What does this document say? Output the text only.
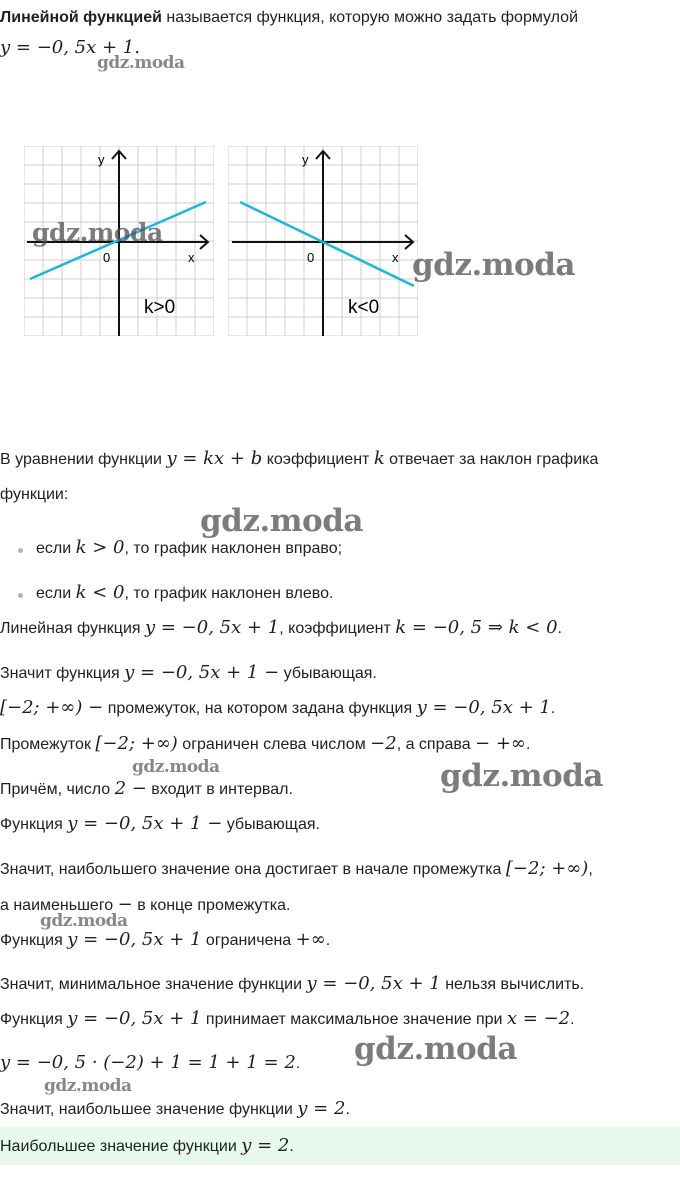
Линейной функцией называется функция, которую можно задать формулой
y = −0, 5x + 1.
gdz.moda
y
x
0
k>0
y
x
0
k<0
gdz.moda
gdz.moda
В уравнении функции y = kx + b коэффициент k отвечает за наклон графика
функции:
gdz.moda
если k > 0, то график наклонен вправо;
если k < 0, то график наклонен влево.
Линейная функция y = −0, 5x + 1, коэффициент k = −0, 5 ⇒ k < 0.
Значит функция y = −0, 5x + 1 − убывающая.
[−2; +∞) − промежуток, на котором задана функция y = −0, 5x + 1.
Промежуток [−2; +∞) ограничен слева числом −2, а справа − +∞.
gdz.moda	gdz.moda
Причём, число 2 − входит в интервал.
Функция y = −0, 5x + 1 − убывающая.
Значит, наибольшего значение она достигает в начале промежутка [−2; +∞),
а наименьшего − в конце промежутка.
gdz.moda
Функция y = −0, 5x + 1 ограничена +∞.
Значит, минимальное значение функции y = −0, 5x + 1 нельзя вычислить.
Функция y = −0, 5x + 1 принимает максимальное значение при x = −2.
gdz.moda
y = −0, 5 · (−2) + 1 = 1 + 1 = 2.
gdz.moda
Значит, наибольшее значение функции y = 2.
Наибольшее значение функции y = 2.
